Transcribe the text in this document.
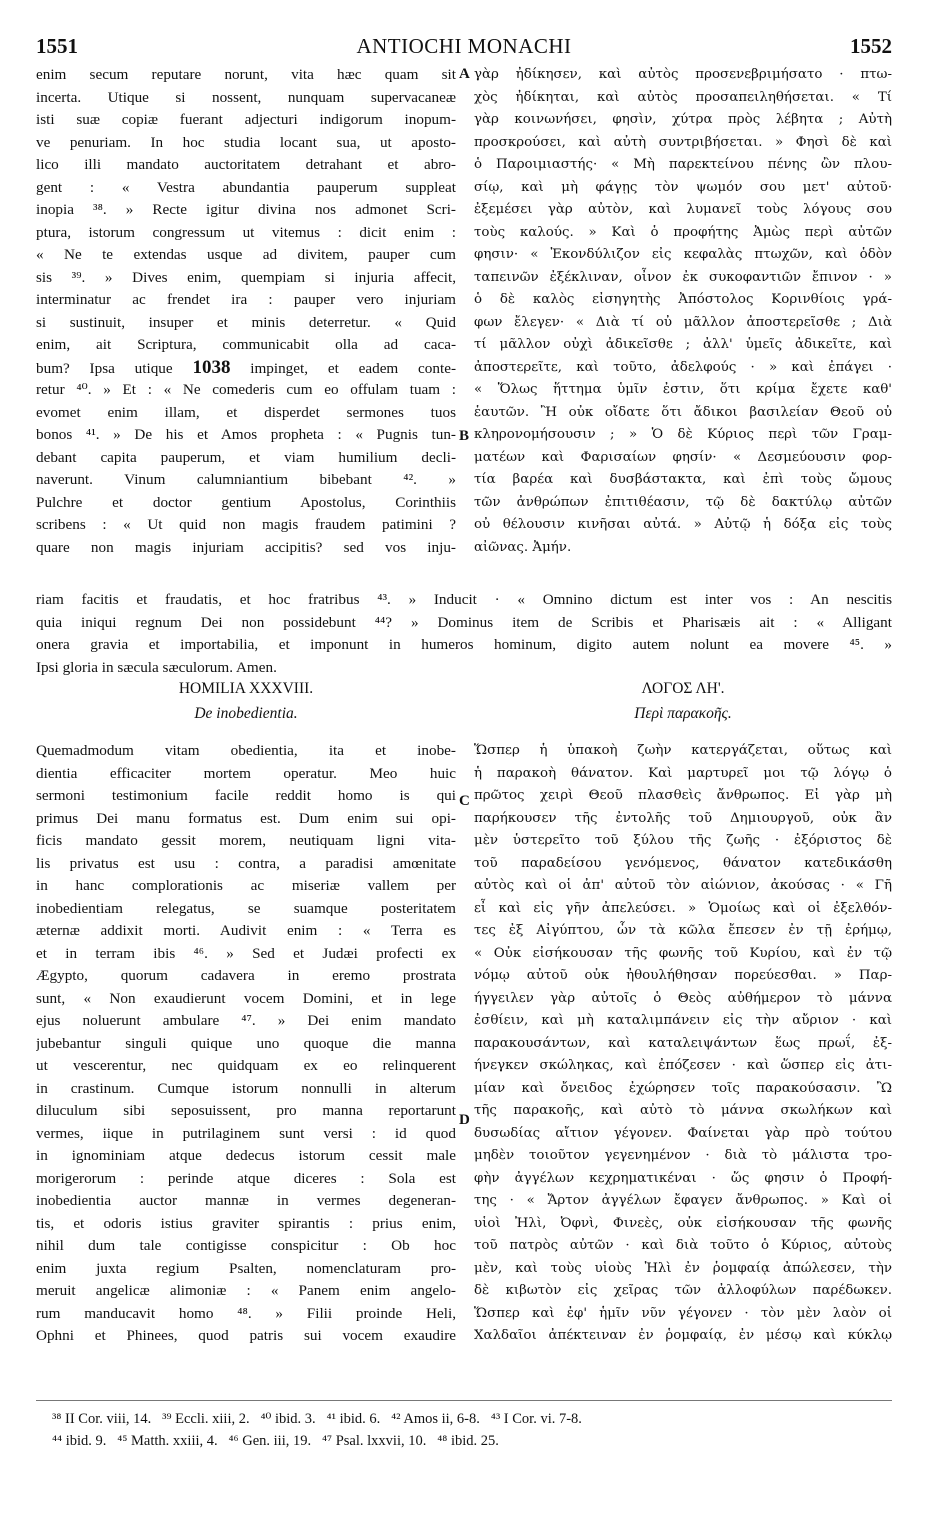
1551	ANTIOCHI MONACHI	1552
A
B
C
D
enim secum reputare norunt, vita hæc quam sit
incerta. Utique si nossent, nunquam supervacaneæ
isti suæ copiæ fuerant adjecturi indigorum inopum-
ve penuriam. In hoc studia locant sua, ut aposto-
lico illi mandato auctoritatem detrahant et abro-
gent : « Vestra abundantia pauperum suppleat
inopia ³⁸. » Recte igitur divina nos admonet Scri-
ptura, istorum congressum ut vitemus : dicit enim :
« Ne te extendas usque ad divitem, pauper cum
sis ³⁹. » Dives enim, quempiam si injuria affecit,
interminatur ac frendet ira : pauper vero injuriam
si sustinuit, insuper et minis deterretur. « Quid
enim, ait Scriptura, communicabit olla ad caca-
bum? Ipsa utique 1038 impinget, et eadem conte-
retur ⁴⁰. » Et : « Ne comederis cum eo offulam tuam :
evomet enim illam, et disperdet sermones tuos
bonos ⁴¹. » De his et Amos propheta : « Pugnis tun-
debant capita pauperum, et viam humilium decli-
naverunt. Vinum calumniantium bibebant ⁴². »
Pulchre et doctor gentium Apostolus, Corinthiis
scribens : « Ut quid non magis fraudem patimini ?
quare non magis injuriam accipitis? sed vos inju-
γὰρ ἠδίκησεν, καὶ αὐτὸς προσενεβριμήσατο · πτω-
χὸς ἠδίκηται, καὶ αὐτὸς προσαπειληθήσεται. « Τί
γὰρ κοινωνήσει, φησὶν, χύτρα πρὸς λέβητα ; Αὐτὴ
προσκρούσει, καὶ αὐτὴ συντριβήσεται. » Φησὶ δὲ καὶ
ὁ Παροιμιαστής· « Μὴ παρεκτείνου πένης ὢν πλου-
σίῳ, καὶ μὴ φάγῃς τὸν ψωμόν σου μετ' αὐτοῦ·
ἐξεμέσει γὰρ αὐτὸν, καὶ λυμανεῖ τοὺς λόγους σου
τοὺς καλούς. » Καὶ ὁ προφήτης Ἀμὼς περὶ αὐτῶν
φησιν· « Ἐκονδύλιζον εἰς κεφαλὰς πτωχῶν, καὶ ὁδὸν
ταπεινῶν ἐξέκλιναν, οἶνον ἐκ συκοφαντιῶν ἔπινον · »
ὁ δὲ καλὸς εἰσηγητὴς Ἀπόστολος Κορινθίοις γρά-
φων ἔλεγεν· « Διὰ τί οὐ μᾶλλον ἀποστερεῖσθε ; Διὰ
τί μᾶλλον οὐχὶ ἀδικεῖσθε ; ἀλλ' ὑμεῖς ἀδικεῖτε, καὶ
ἀποστερεῖτε, καὶ τοῦτο, ἀδελφούς · » καὶ ἐπάγει ·
« Ὅλως ἥττημα ὑμῖν ἐστιν, ὅτι κρίμα ἔχετε καθ'
ἑαυτῶν. Ἢ οὐκ οἴδατε ὅτι ἄδικοι βασιλείαν Θεοῦ οὐ
κληρονομήσουσιν ; » Ὁ δὲ Κύριος περὶ τῶν Γραμ-
ματέων καὶ Φαρισαίων φησίν· « Δεσμεύουσιν φορ-
τία βαρέα καὶ δυσβάστακτα, καὶ ἐπὶ τοὺς ὤμους
τῶν ἀνθρώπων ἐπιτιθέασιν, τῷ δὲ δακτύλῳ αὐτῶν
οὐ θέλουσιν κινῆσαι αὐτά. » Αὐτῷ ἡ δόξα εἰς τοὺς
αἰῶνας. Ἀμήν.
riam facitis et fraudatis, et hoc fratribus ⁴³. » Inducit · « Omnino dictum est inter vos : An nescitis
quia iniqui regnum Dei non possidebunt ⁴⁴? » Dominus item de Scribis et Pharisæis ait : « Alligant
onera gravia et importabilia, et imponunt in humeros hominum, digito autem nolunt ea movere ⁴⁵. »
Ipsi gloria in sæcula sæculorum. Amen.
HOMILIA XXXVIII.
De inobedientia.
ΛΟΓΟΣ ΛΗ'.
Περὶ παρακοῆς.
Quemadmodum vitam obedientia, ita et inobe-
dientia efficaciter mortem operatur. Meo huic
sermoni testimonium facile reddit homo is qui
primus Dei manu formatus est. Dum enim sui opi-
ficis mandato gessit morem, neutiquam ligni vita-
lis privatus est usu : contra, a paradisi amœnitate
in hanc complorationis ac miseriæ vallem per
inobedientiam relegatus, se suamque posteritatem
æternæ addixit morti. Audivit enim : « Terra es
et in terram ibis ⁴⁶. » Sed et Judæi profecti ex
Ægypto, quorum cadavera in eremo prostrata
sunt, « Non exaudierunt vocem Domini, et in lege
ejus noluerunt ambulare ⁴⁷. » Dei enim mandato
jubebantur singuli quique uno quoque die manna
ut vescerentur, nec quidquam ex eo relinquerent
in crastinum. Cumque istorum nonnulli in alterum
diluculum sibi seposuissent, pro manna reportarunt
vermes, iique in putrilaginem sunt versi : id quod
in ignominiam atque dedecus istorum cessit male
morigerorum : perinde atque diceres : Sola est
inobedientia auctor mannæ in vermes degeneran-
tis, et odoris istius graviter spirantis : prius enim,
nihil dum tale contigisse conspicitur : Ob hoc
enim juxta regium Psalten, nomenclaturam pro-
meruit angelicæ alimoniæ : « Panem enim angelo-
rum manducavit homo ⁴⁸. » Filii proinde Heli,
Ophni et Phinees, quod patris sui vocem exaudire
Ὥσπερ ἡ ὑπακοὴ ζωὴν κατεργάζεται, οὕτως καὶ
ἡ παρακοὴ θάνατον. Καὶ μαρτυρεῖ μοι τῷ λόγῳ ὁ
πρῶτος χειρὶ Θεοῦ πλασθεὶς ἄνθρωπος. Εἰ γὰρ μὴ
παρήκουσεν τῆς ἐντολῆς τοῦ Δημιουργοῦ, οὐκ ἂν
μὲν ὑστερεῖτο τοῦ ξύλου τῆς ζωῆς · ἐξόριστος δὲ
τοῦ παραδείσου γενόμενος, θάνατον κατεδικάσθη
αὐτὸς καὶ οἱ ἀπ' αὐτοῦ τὸν αἰώνιον, ἀκούσας · « Γῆ
εἶ καὶ εἰς γῆν ἀπελεύσει. » Ὁμοίως καὶ οἱ ἐξελθόν-
τες ἐξ Αἰγύπτου, ὧν τὰ κῶλα ἔπεσεν ἐν τῇ ἐρήμῳ,
« Οὐκ εἰσήκουσαν τῆς φωνῆς τοῦ Κυρίου, καὶ ἐν τῷ
νόμῳ αὐτοῦ οὐκ ἠθουλήθησαν πορεύεσθαι. » Παρ-
ήγγειλεν γὰρ αὐτοῖς ὁ Θεὸς αὐθήμερον τὸ μάννα
ἐσθίειν, καὶ μὴ καταλιμπάνειν εἰς τὴν αὔριον · καὶ
παρακουσάντων, καὶ καταλειψάντων ἕως πρωΐ, ἐξ-
ήνεγκεν σκώληκας, καὶ ἐπόζεσεν · καὶ ὥσπερ εἰς ἀτι-
μίαν καὶ ὄνειδος ἐχώρησεν τοῖς παρακούσασιν. Ὢ
τῆς παρακοῆς, καὶ αὐτὸ τὸ μάννα σκωλήκων καὶ
δυσωδίας αἴτιον γέγονεν. Φαίνεται γὰρ πρὸ τούτου
μηδὲν τοιοῦτον γεγενημένον · διὰ τὸ μάλιστα τρο-
φὴν ἀγγέλων κεχρηματικέναι · ὥς φησιν ὁ Προφή-
της · « Ἄρτον ἀγγέλων ἔφαγεν ἄνθρωπος. » Καὶ οἱ
υἱοὶ Ἠλὶ, Ὀφνὶ, Φινεὲς, οὐκ εἰσήκουσαν τῆς φωνῆς
τοῦ πατρὸς αὐτῶν · καὶ διὰ τοῦτο ὁ Κύριος, αὐτοὺς
μὲν, καὶ τοὺς υἱοὺς Ἠλὶ ἐν ῥομφαίᾳ ἀπώλεσεν, τὴν
δὲ κιβωτὸν εἰς χεῖρας τῶν ἀλλοφύλων παρέδωκεν.
Ὥσπερ καὶ ἐφ' ἡμῖν νῦν γέγονεν · τὸν μὲν λαὸν οἱ
Χαλδαῖοι ἀπέκτειναν ἐν ῥομφαίᾳ, ἐν μέσῳ καὶ κύκλῳ
³⁸ II Cor. viii, 14.   ³⁹ Eccli. xiii, 2.   ⁴⁰ ibid. 3.   ⁴¹ ibid. 6.   ⁴² Amos ii, 6-8.   ⁴³ I Cor. vi. 7-8.
⁴⁴ ibid. 9.   ⁴⁵ Matth. xxiii, 4.   ⁴⁶ Gen. iii, 19.   ⁴⁷ Psal. lxxvii, 10.   ⁴⁸ ibid. 25.
